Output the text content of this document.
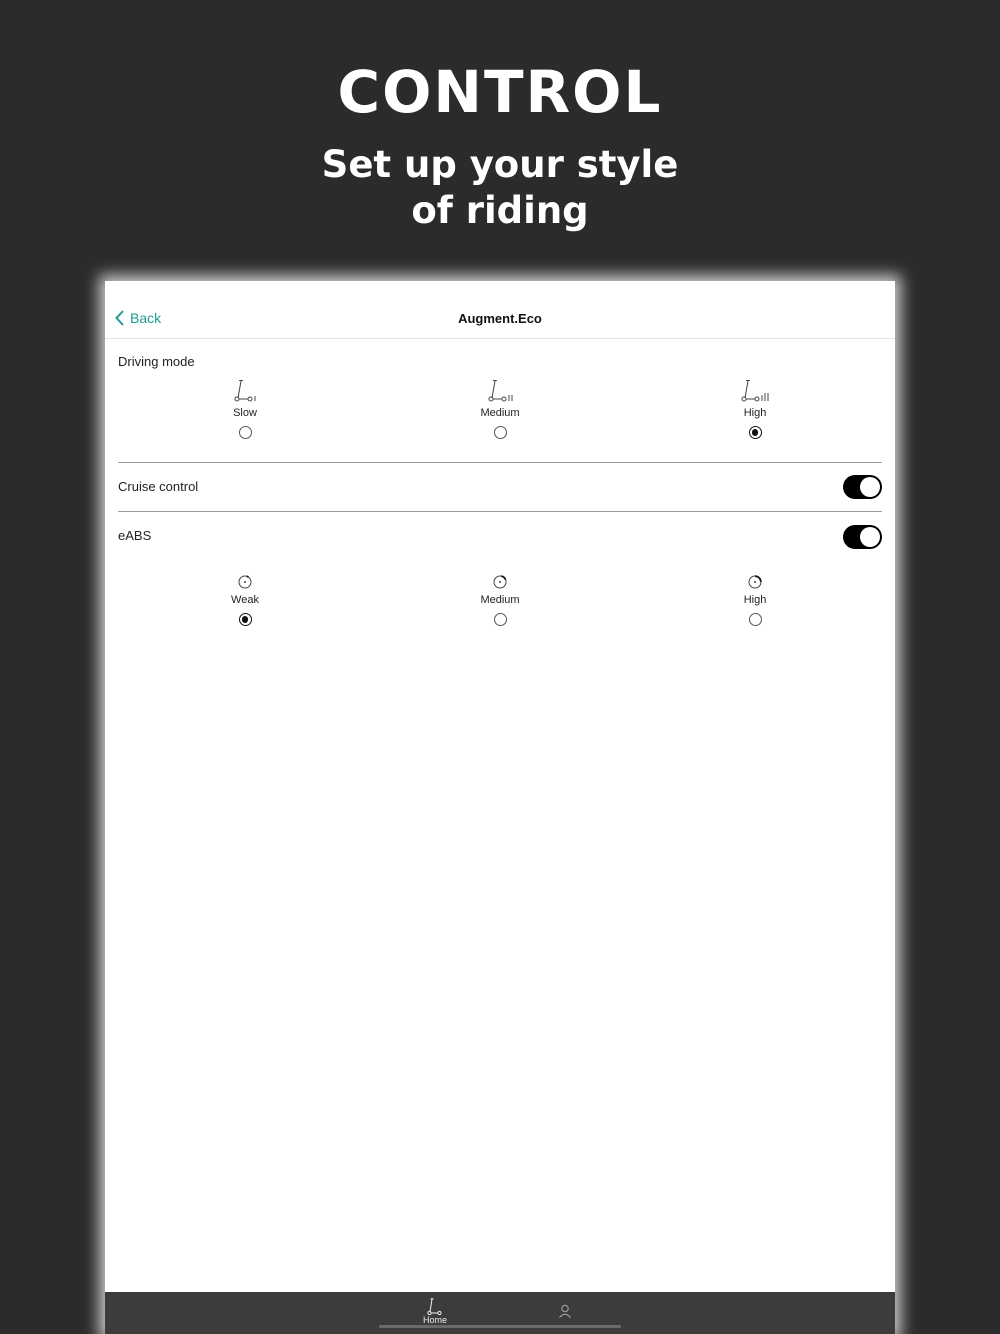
CONTROL
Set up your style
of riding
Back	Augment.Eco
Driving mode
Slow	Medium	High
Cruise control
eABS
Weak	Medium	High
Home
